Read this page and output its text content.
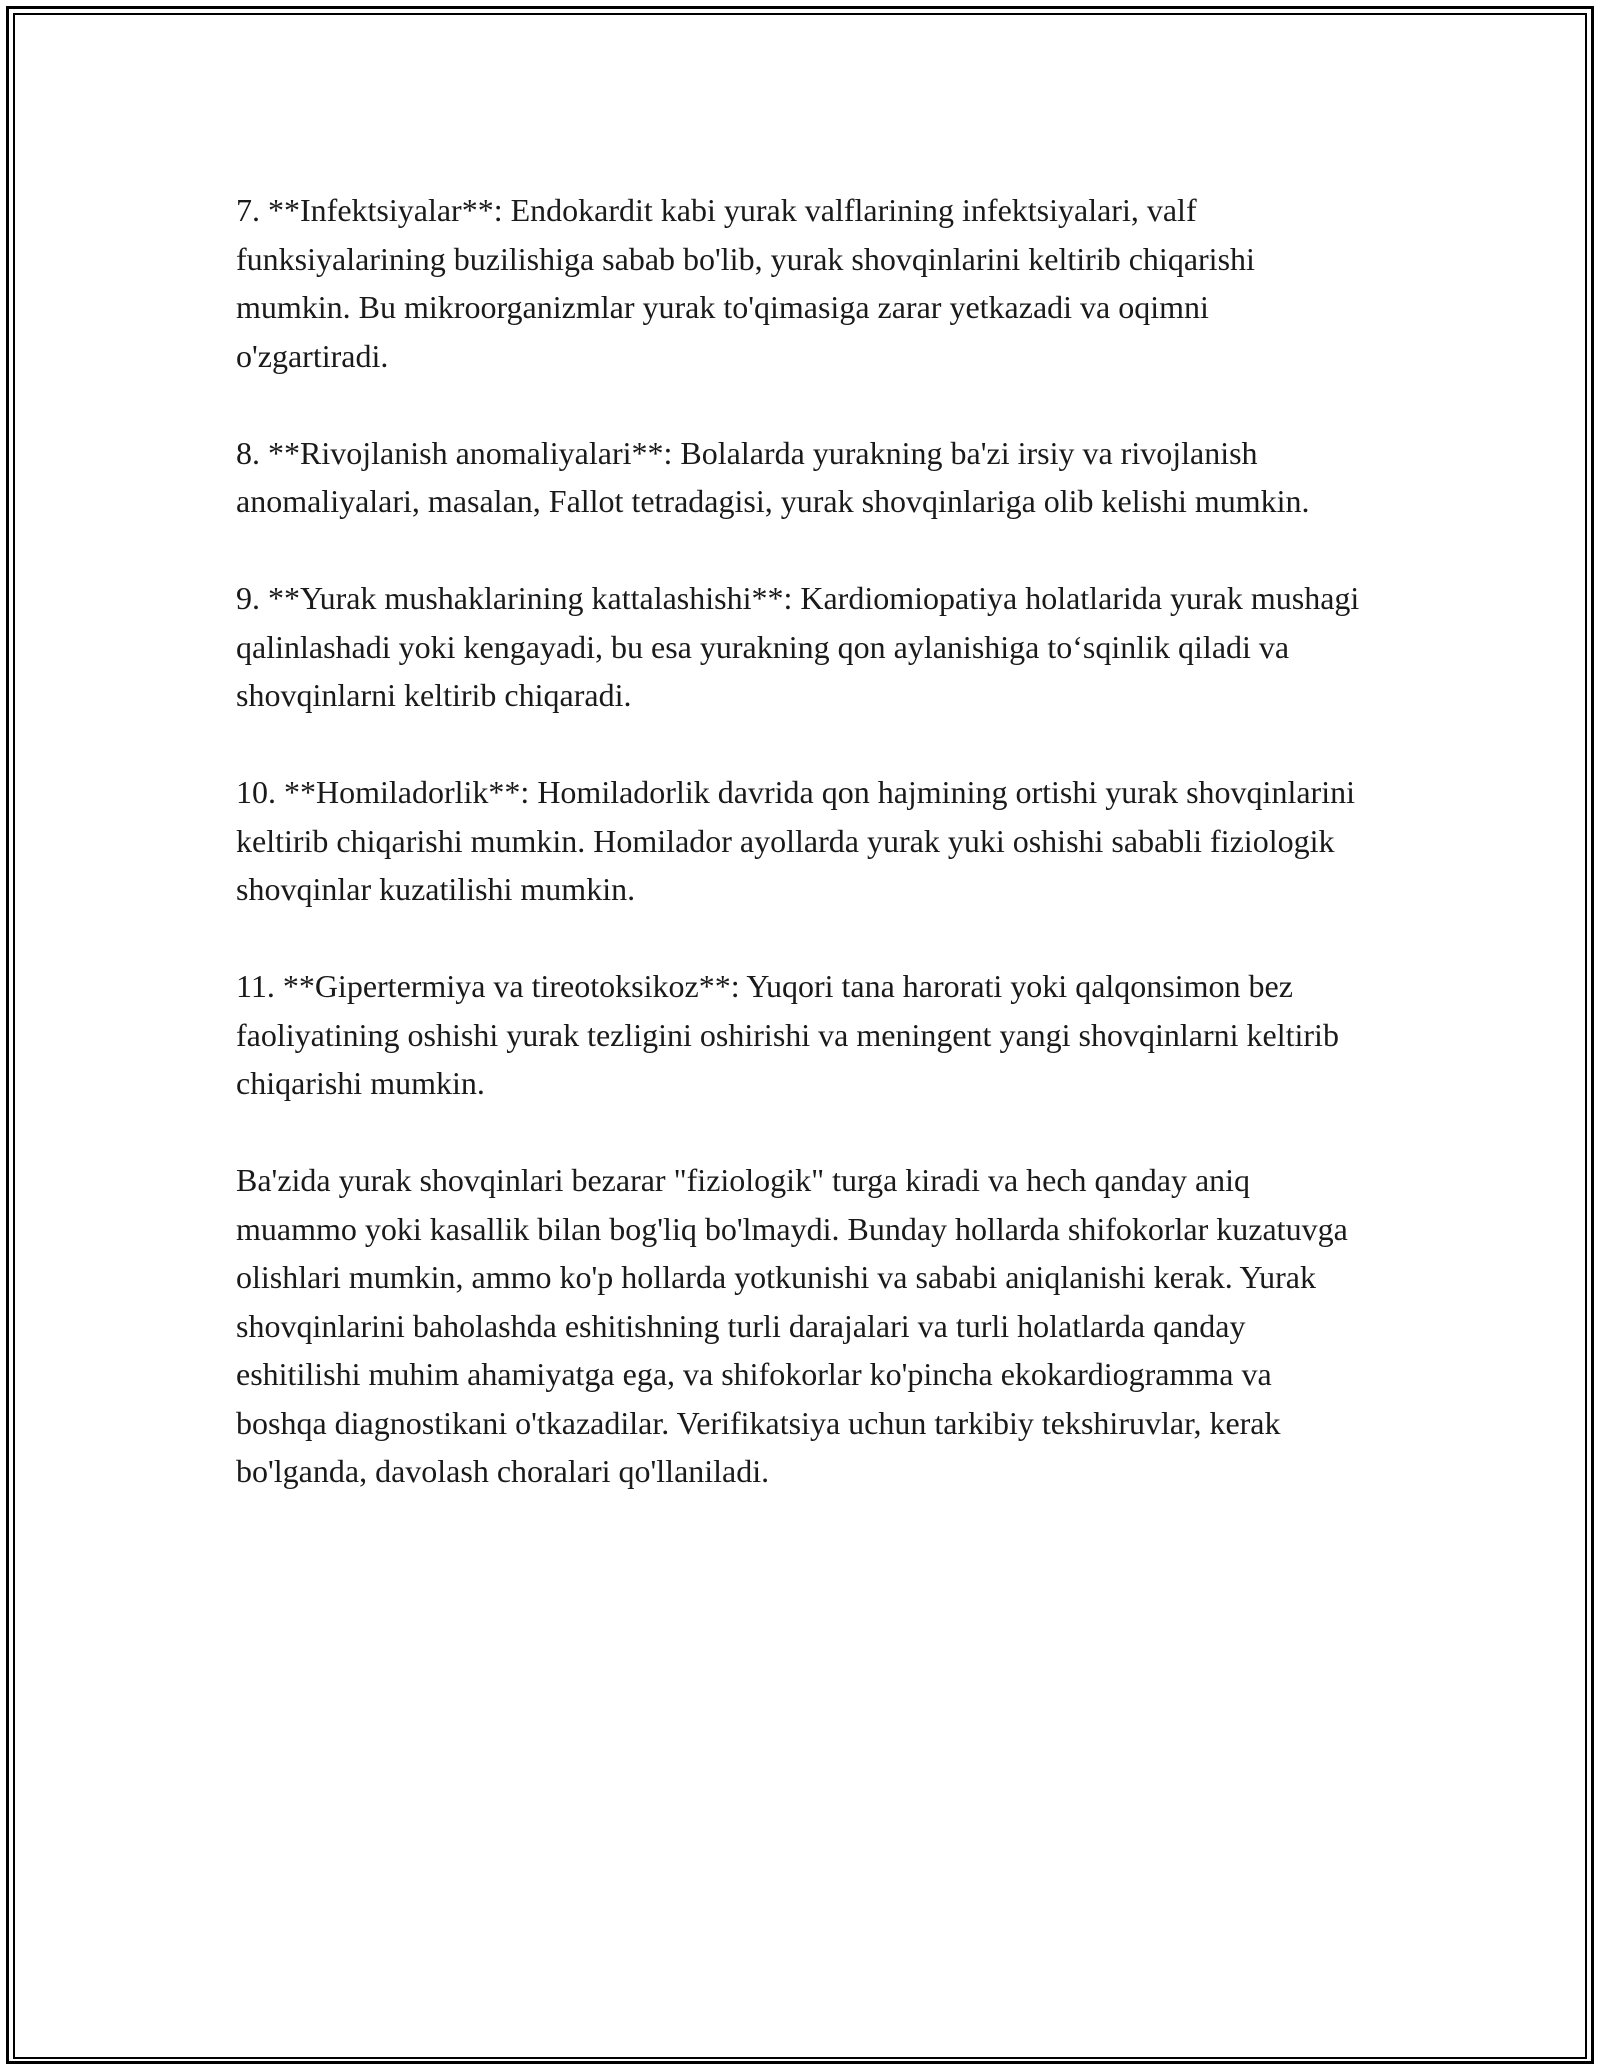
7. **Infektsiyalar**: Endokardit kabi yurak valflarining infektsiyalari, valf funksiyalarining buzilishiga sabab bo'lib, yurak shovqinlarini keltirib chiqarishi mumkin. Bu mikroorganizmlar yurak to'qimasiga zarar yetkazadi va oqimni o'zgartiradi.

8. **Rivojlanish anomaliyalari**: Bolalarda yurakning ba'zi irsiy va rivojlanish anomaliyalari, masalan, Fallot tetradagisi, yurak shovqinlariga olib kelishi mumkin.

9. **Yurak mushaklarining kattalashishi**: Kardiomiopatiya holatlarida yurak mushagi qalinlashadi yoki kengayadi, bu esa yurakning qon aylanishiga to‘sqinlik qiladi va shovqinlarni keltirib chiqaradi.

10. **Homiladorlik**: Homiladorlik davrida qon hajmining ortishi yurak shovqinlarini keltirib chiqarishi mumkin. Homilador ayollarda yurak yuki oshishi sababli fiziologik shovqinlar kuzatilishi mumkin.

11. **Gipertermiya va tireotoksikoz**: Yuqori tana harorati yoki qalqonsimon bez faoliyatining oshishi yurak tezligini oshirishi va meningent yangi shovqinlarni keltirib chiqarishi mumkin.

Ba'zida yurak shovqinlari bezarar "fiziologik" turga kiradi va hech qanday aniq muammo yoki kasallik bilan bog'liq bo'lmaydi. Bunday hollarda shifokorlar kuzatuvga olishlari mumkin, ammo ko'p hollarda yotkunishi va sababi aniqlanishi kerak. Yurak shovqinlarini baholashda eshitishning turli darajalari va turli holatlarda qanday eshitilishi muhim ahamiyatga ega, va shifokorlar ko'pincha ekokardiogramma va boshqa diagnostikani o'tkazadilar. Verifikatsiya uchun tarkibiy tekshiruvlar, kerak bo'lganda, davolash choralari qo'llaniladi.
